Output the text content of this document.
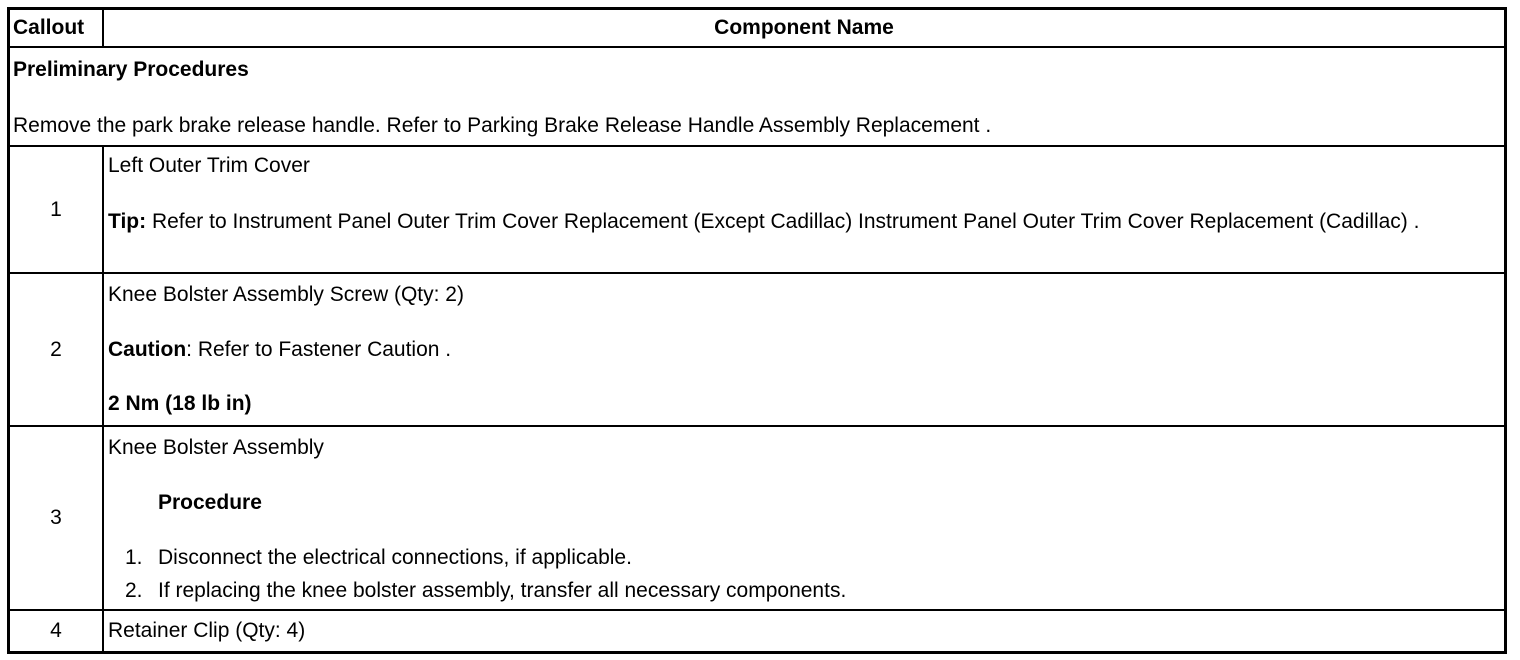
Callout	Component Name
Preliminary Procedures
Remove the park brake release handle. Refer to Parking Brake Release Handle Assembly Replacement .
1
Left Outer Trim Cover
Tip: Refer to Instrument Panel Outer Trim Cover Replacement (Except Cadillac) Instrument Panel Outer Trim Cover Replacement (Cadillac) .
2
Knee Bolster Assembly Screw (Qty: 2)
Caution: Refer to Fastener Caution .
2 Nm (18 lb in)
3
Knee Bolster Assembly
Procedure
1. Disconnect the electrical connections, if applicable.
2. If replacing the knee bolster assembly, transfer all necessary components.
4	Retainer Clip (Qty: 4)
